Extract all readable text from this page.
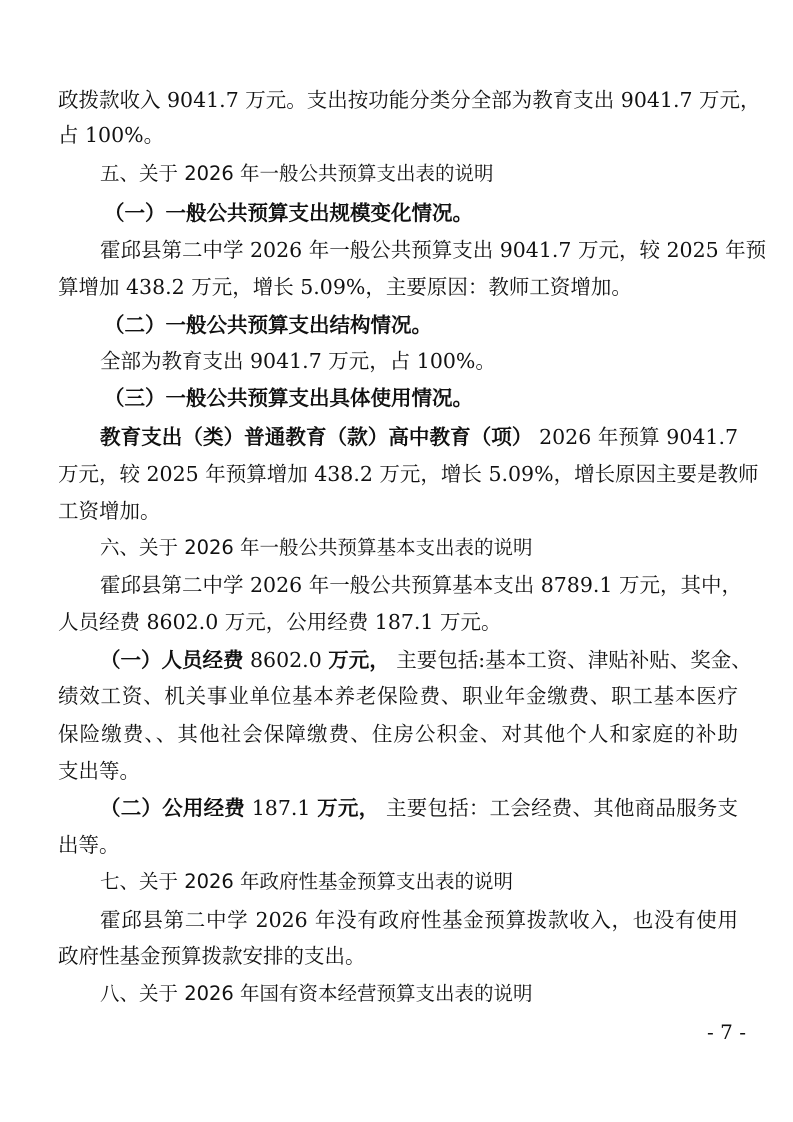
政拨款收入 9041.7 万元。支出按功能分类分全部为教育支出 9041.7 万元，
占 100%。
五、关于 2026 年一般公共预算支出表的说明
（一）一般公共预算支出规模变化情况。
霍邱县第二中学 2026 年一般公共预算支出 9041.7 万元，较 2025 年预
算增加 438.2 万元，增长 5.09%，主要原因：教师工资增加。
（二）一般公共预算支出结构情况。
全部为教育支出 9041.7 万元，占 100%。
（三）一般公共预算支出具体使用情况。
教育支出（类）普通教育（款）高中教育（项） 2026 年预算 9041.7
万元，较 2025 年预算增加 438.2 万元，增长 5.09%，增长原因主要是教师
工资增加。
六、关于 2026 年一般公共预算基本支出表的说明
霍邱县第二中学 2026 年一般公共预算基本支出 8789.1 万元，其中，
人员经费 8602.0 万元，公用经费 187.1 万元。
（一）人员经费 8602.0 万元， 主要包括:基本工资、津贴补贴、奖金、
绩效工资、机关事业单位基本养老保险费、职业年金缴费、职工基本医疗
保险缴费、、其他社会保障缴费、住房公积金、对其他个人和家庭的补助
支出等。
（二）公用经费 187.1 万元， 主要包括：工会经费、其他商品服务支
出等。
七、关于 2026 年政府性基金预算支出表的说明
霍邱县第二中学 2026 年没有政府性基金预算拨款收入，也没有使用
政府性基金预算拨款安排的支出。
八、关于 2026 年国有资本经营预算支出表的说明
- 7 -
